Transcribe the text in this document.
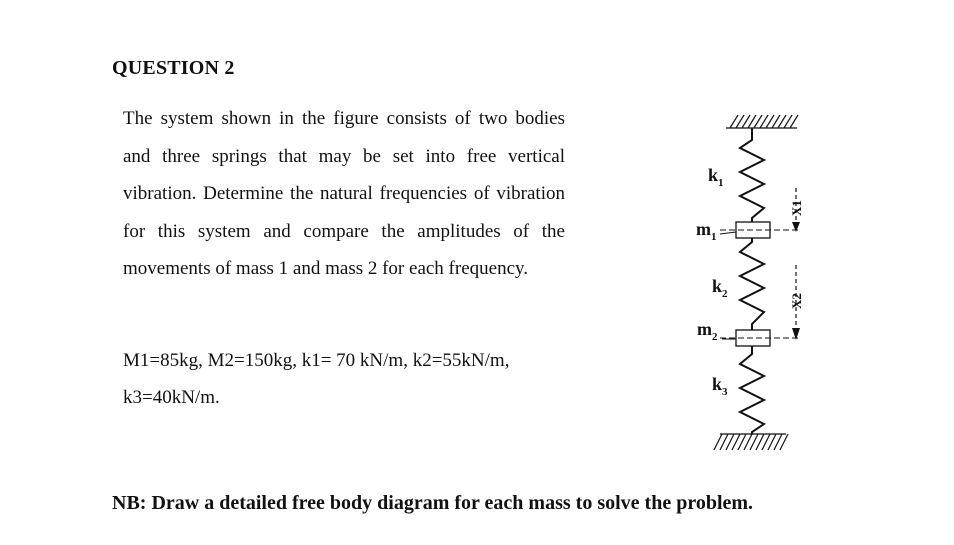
QUESTION 2
The system shown in the figure consists of two bodies and three springs that may be set into free vertical vibration. Determine the natural frequencies of vibration for this system and compare the amplitudes of the movements of mass 1 and mass 2 for each frequency.
M1=85kg, M2=150kg, k1= 70 kN/m, k2=55kN/m,
k3=40kN/m.
X1
X2
$k_1$
$m_1$
$k_2$
$m_2$
$k_3$
NB: Draw a detailed free body diagram for each mass to solve the problem.
